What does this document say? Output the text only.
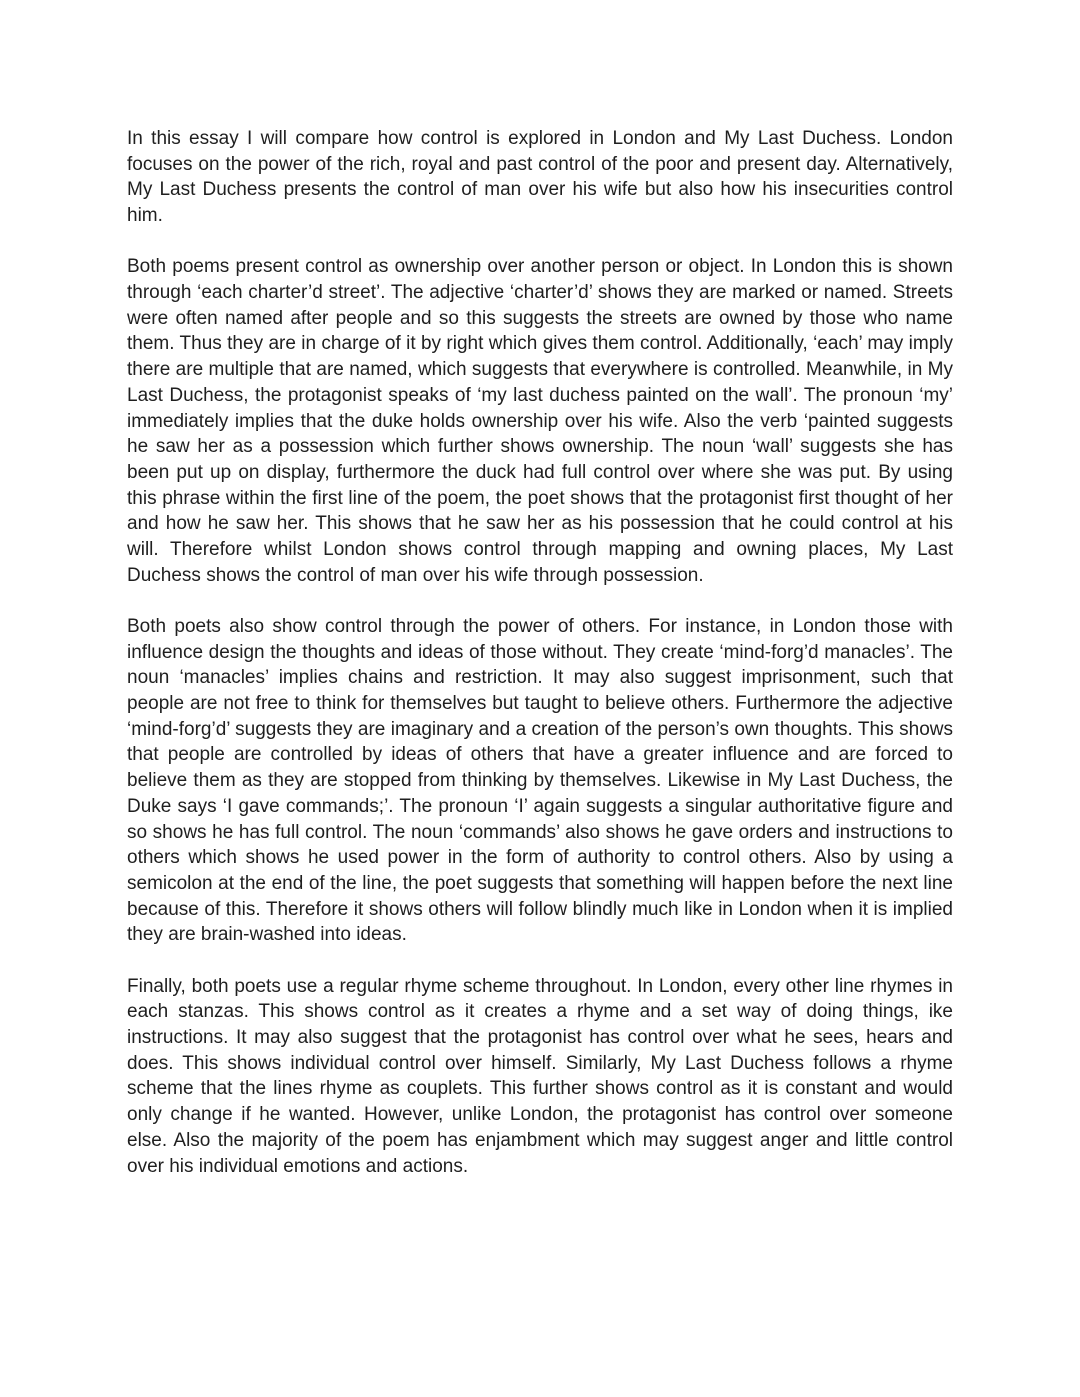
In this essay I will compare how control is explored in London and My Last Duchess. London focuses on the power of the rich, royal and past control of the poor and present day. Alternatively, My Last Duchess presents the control of man over his wife but also how his insecurities control him.

Both poems present control as ownership over another person or object. In London this is shown through ‘each charter’d street’. The adjective ‘charter’d’ shows they are marked or named. Streets were often named after people and so this suggests the streets are owned by those who name them. Thus they are in charge of it by right which gives them control. Additionally, ‘each’ may imply there are multiple that are named, which suggests that everywhere is controlled. Meanwhile, in My Last Duchess, the protagonist speaks of ‘my last duchess painted on the wall’. The pronoun ‘my’ immediately implies that the duke holds ownership over his wife. Also the verb ‘painted suggests he saw her as a possession which further shows ownership. The noun ‘wall’ suggests she has been put up on display, furthermore the duck had full control over where she was put. By using this phrase within the first line of the poem, the poet shows that the protagonist first thought of her and how he saw her. This shows that he saw her as his possession that he could control at his will. Therefore whilst London shows control through mapping and owning places, My Last Duchess shows the control of man over his wife through possession.

Both poets also show control through the power of others. For instance, in London those with influence design the thoughts and ideas of those without. They create ‘mind-forg’d manacles’. The noun ‘manacles’ implies chains and restriction. It may also suggest imprisonment, such that people are not free to think for themselves but taught to believe others. Furthermore the adjective ‘mind-forg’d’ suggests they are imaginary and a creation of the person’s own thoughts. This shows that people are controlled by ideas of others that have a greater influence and are forced to believe them as they are stopped from thinking by themselves. Likewise in My Last Duchess, the Duke says ‘I gave commands;’. The pronoun ‘I’ again suggests a singular authoritative figure and so shows he has full control. The noun ‘commands’ also shows he gave orders and instructions to others which shows he used power in the form of authority to control others. Also by using a semicolon at the end of the line, the poet suggests that something will happen before the next line because of this. Therefore it shows others will follow blindly much like in London when it is implied they are brain-washed into ideas.

Finally, both poets use a regular rhyme scheme throughout. In London, every other line rhymes in each stanzas. This shows control as it creates a rhyme and a set way of doing things, ike instructions. It may also suggest that the protagonist has control over what he sees, hears and does. This shows individual control over himself. Similarly, My Last Duchess follows a rhyme scheme that the lines rhyme as couplets. This further shows control as it is constant and would only change if he wanted. However, unlike London, the protagonist has control over someone else. Also the majority of the poem has enjambment which may suggest anger and little control over his individual emotions and actions.
